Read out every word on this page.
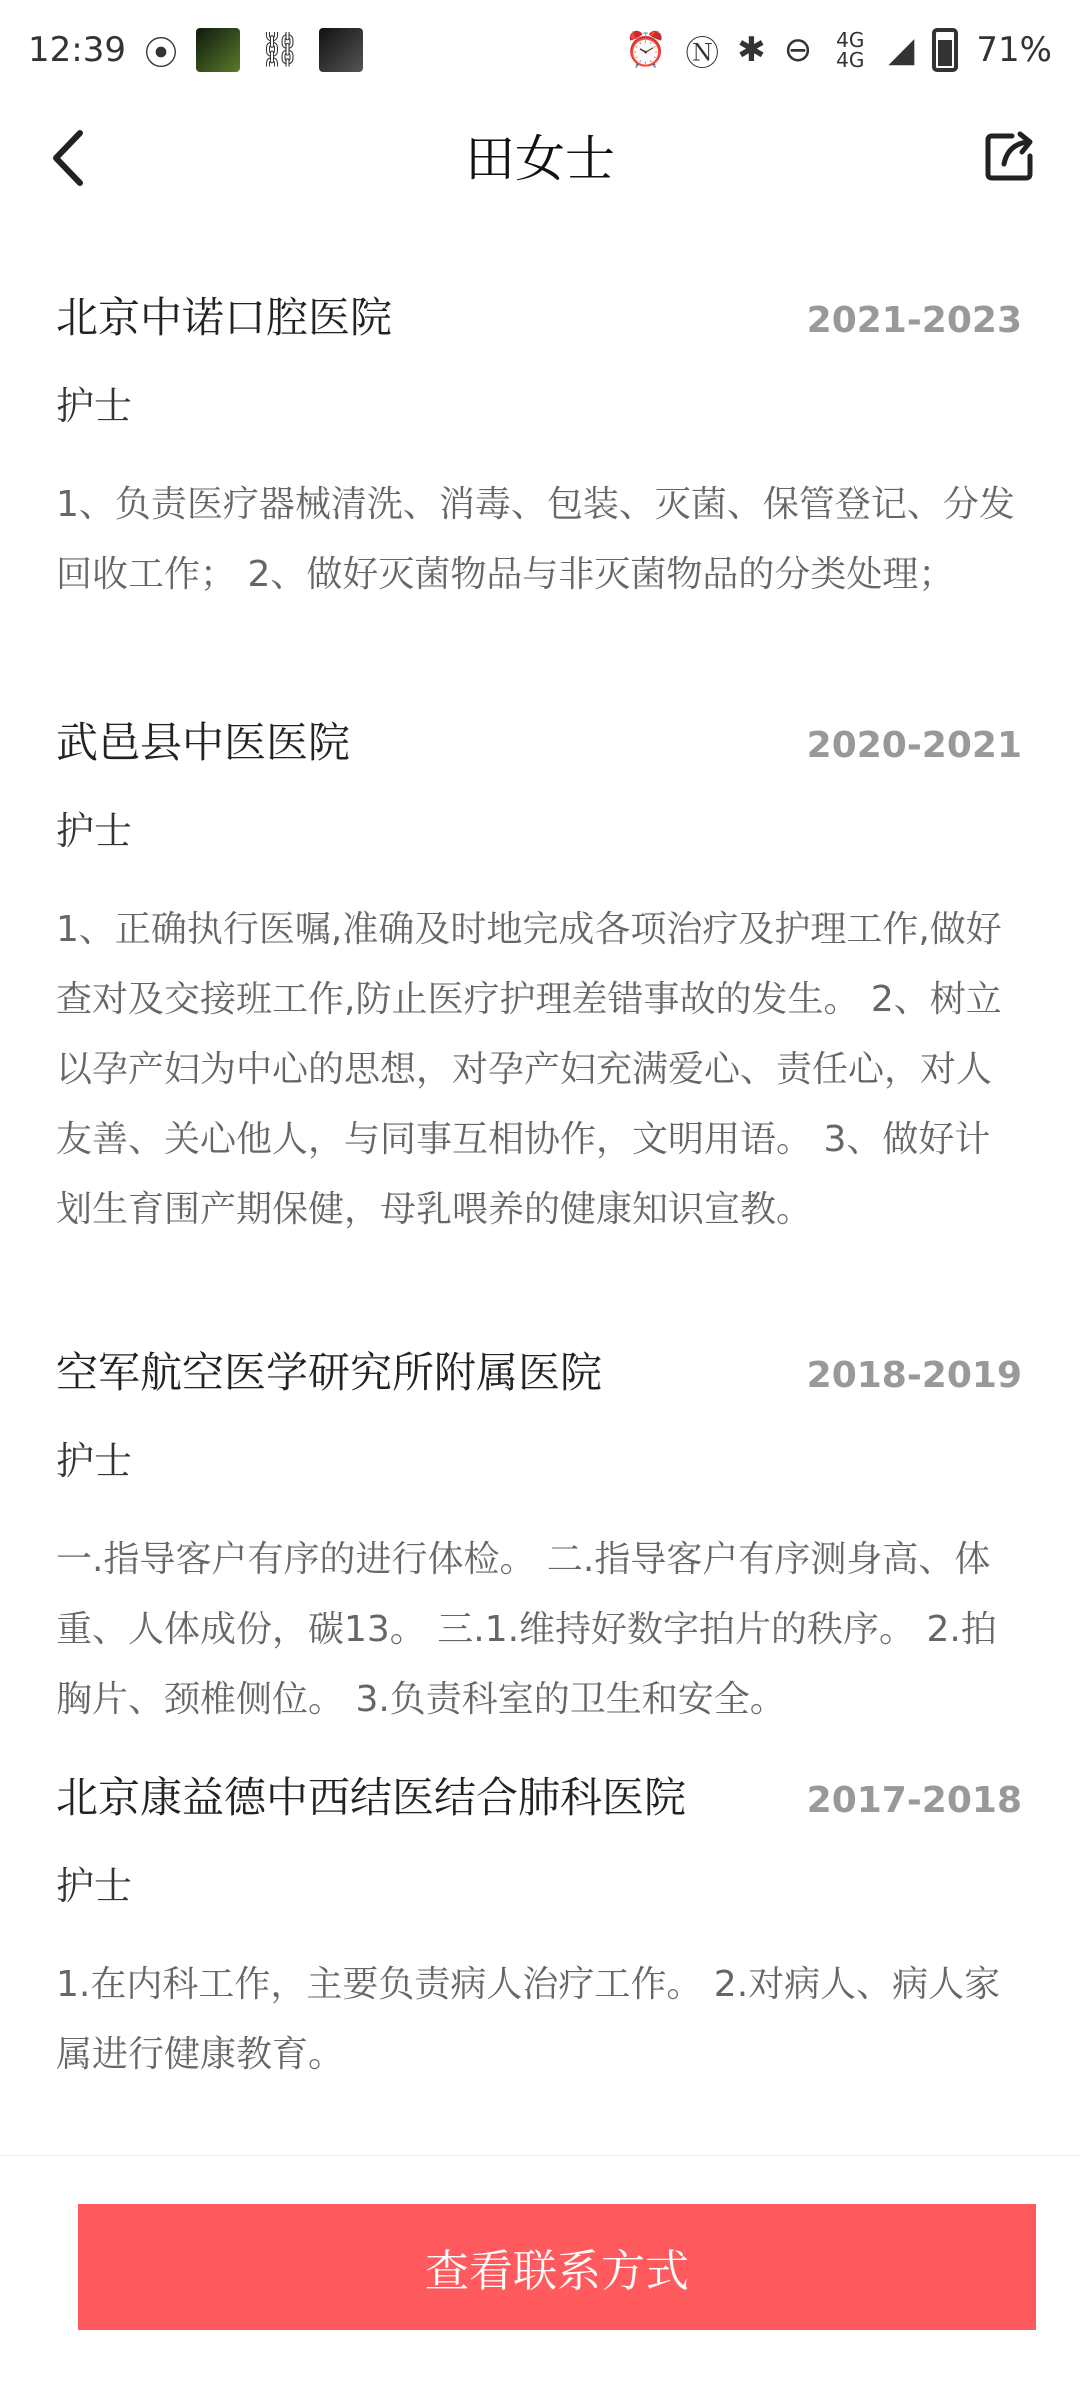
12:39 ⦿ ⛓	⏰ Ⓝ ✱ ⊖ 4G 4G ◢ 71%
田女士
北京中诺口腔医院	2021-2023
护士
1、负责医疗器械清洗、消毒、包装、灭菌、保管登记、分发回收工作； 2、做好灭菌物品与非灭菌物品的分类处理；
武邑县中医医院	2020-2021
护士
1、正确执行医嘱,准确及时地完成各项治疗及护理工作,做好查对及交接班工作,防止医疗护理差错事故的发生。 2、树立以孕产妇为中心的思想，对孕产妇充满爱心、责任心，对人友善、关心他人，与同事互相协作，文明用语。 3、做好计划生育围产期保健，母乳喂养的健康知识宣教。
空军航空医学研究所附属医院	2018-2019
护士
一.指导客户有序的进行体检。 二.指导客户有序测身高、体重、人体成份，碳13。 三.1.维持好数字拍片的秩序。 2.拍胸片、颈椎侧位。 3.负责科室的卫生和安全。
北京康益德中西结医结合肺科医院	2017-2018
护士
1.在内科工作，主要负责病人治疗工作。 2.对病人、病人家属进行健康教育。
查看联系方式
